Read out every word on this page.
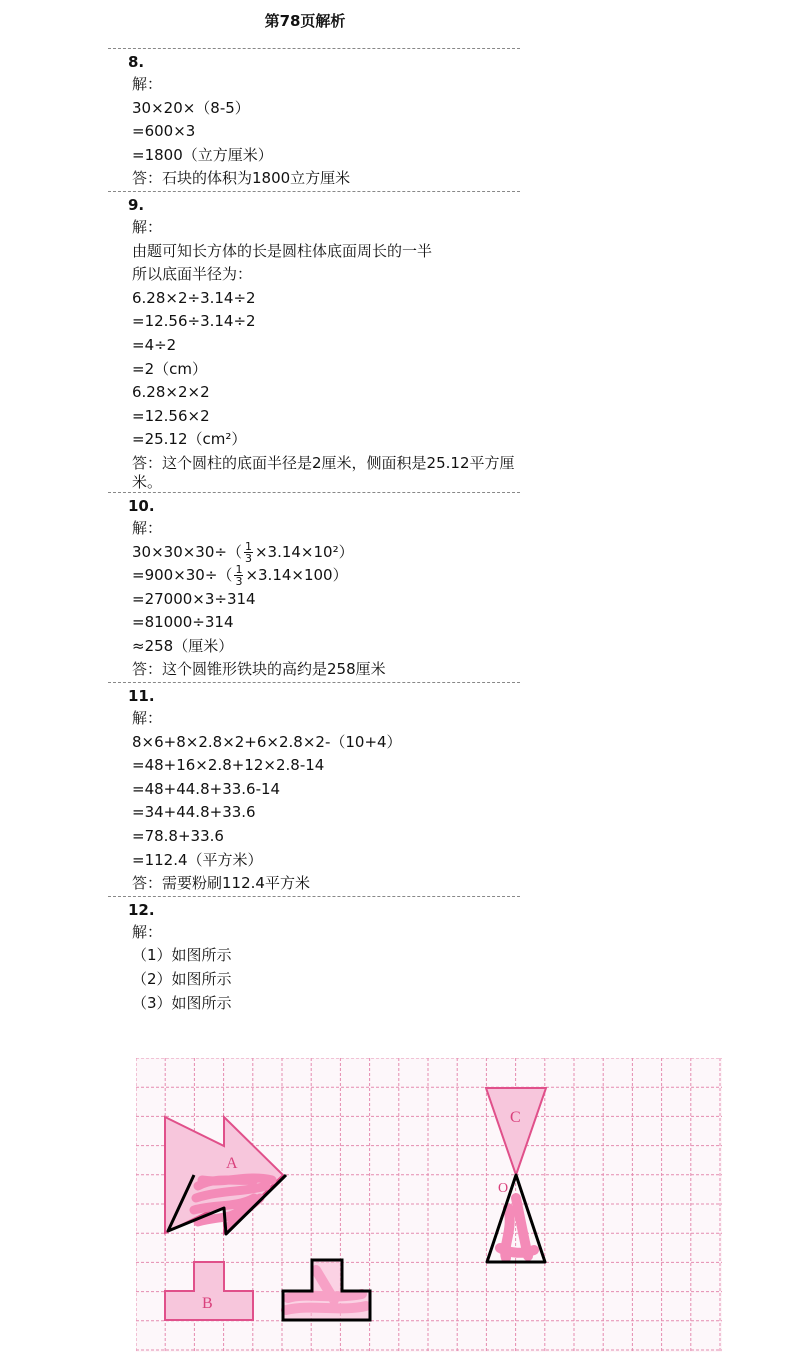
第78页解析
8.
解：
30×20×（8-5）
=600×3
=1800（立方厘米）
答：石块的体积为1800立方厘米
9.
解：
由题可知长方体的长是圆柱体底面周长的一半
所以底面半径为：
6.28×2÷3.14÷2
=12.56÷3.14÷2
=4÷2
=2（cm）
6.28×2×2
=12.56×2
=25.12（cm²）
答：这个圆柱的底面半径是2厘米，侧面积是25.12平方厘米。
10.
解：
$30\times 30\times 30\div( \frac{1}{3} \times 3.14\times 10^2)$
$=900\times 30\div( \frac{1}{3} \times 3.14\times 100)$
=27000×3÷314
=81000÷314
≈258（厘米）
答：这个圆锥形铁块的高约是258厘米
11.
解：
8×6+8×2.8×2+6×2.8×2-（10+4）
=48+16×2.8+12×2.8-14
=48+44.8+33.6-14
=34+44.8+33.6
=78.8+33.6
=112.4（平方米）
答：需要粉刷112.4平方米
12.
解：
（1）如图所示
（2）如图所示
（3）如图所示
A
B
C
O
